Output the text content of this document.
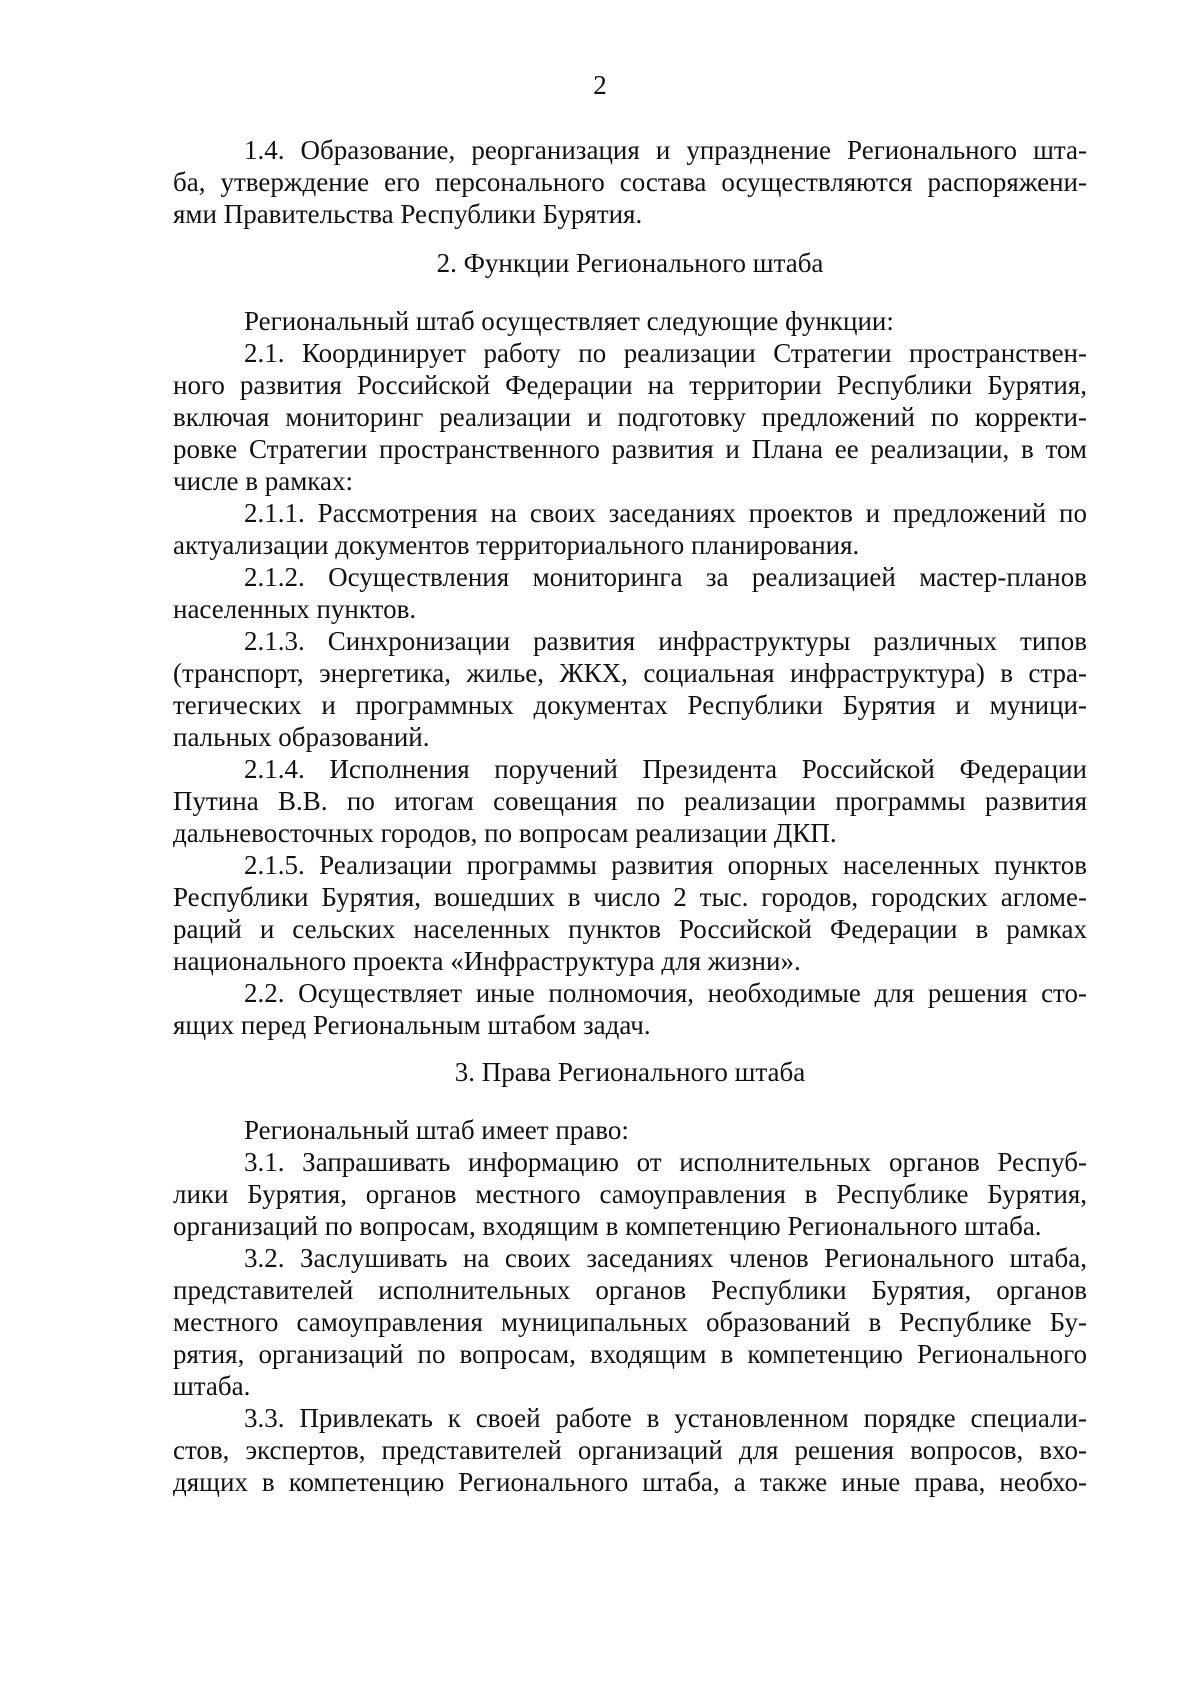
2
1.4. Образование, реорганизация и упразднение Регионального шта-
ба, утверждение его персонального состава осуществляются распоряжени-
ями Правительства Республики Бурятия.
2. Функции Регионального штаба
Региональный штаб осуществляет следующие функции:
2.1. Координирует работу по реализации Стратегии пространствен-
ного развития Российской Федерации на территории Республики Бурятия,
включая мониторинг реализации и подготовку предложений по корректи-
ровке Стратегии пространственного развития и Плана ее реализации, в том
числе в рамках:
2.1.1. Рассмотрения на своих заседаниях проектов и предложений по
актуализации документов территориального планирования.
2.1.2. Осуществления мониторинга за реализацией мастер-планов
населенных пунктов.
2.1.3. Синхронизации развития инфраструктуры различных типов
(транспорт, энергетика, жилье, ЖКХ, социальная инфраструктура) в стра-
тегических и программных документах Республики Бурятия и муници-
пальных образований.
2.1.4. Исполнения поручений Президента Российской Федерации
Путина В.В. по итогам совещания по реализации программы развития
дальневосточных городов, по вопросам реализации ДКП.
2.1.5. Реализации программы развития опорных населенных пунктов
Республики Бурятия, вошедших в число 2 тыс. городов, городских агломе-
раций и сельских населенных пунктов Российской Федерации в рамках
национального проекта «Инфраструктура для жизни».
2.2. Осуществляет иные полномочия, необходимые для решения сто-
ящих перед Региональным штабом задач.
3. Права Регионального штаба
Региональный штаб имеет право:
3.1. Запрашивать информацию от исполнительных органов Респуб-
лики Бурятия, органов местного самоуправления в Республике Бурятия,
организаций по вопросам, входящим в компетенцию Регионального штаба.
3.2. Заслушивать на своих заседаниях членов Регионального штаба,
представителей исполнительных органов Республики Бурятия, органов
местного самоуправления муниципальных образований в Республике Бу-
рятия, организаций по вопросам, входящим в компетенцию Регионального
штаба.
3.3. Привлекать к своей работе в установленном порядке специали-
стов, экспертов, представителей организаций для решения вопросов, вхо-
дящих в компетенцию Регионального штаба, а также иные права, необхо-
